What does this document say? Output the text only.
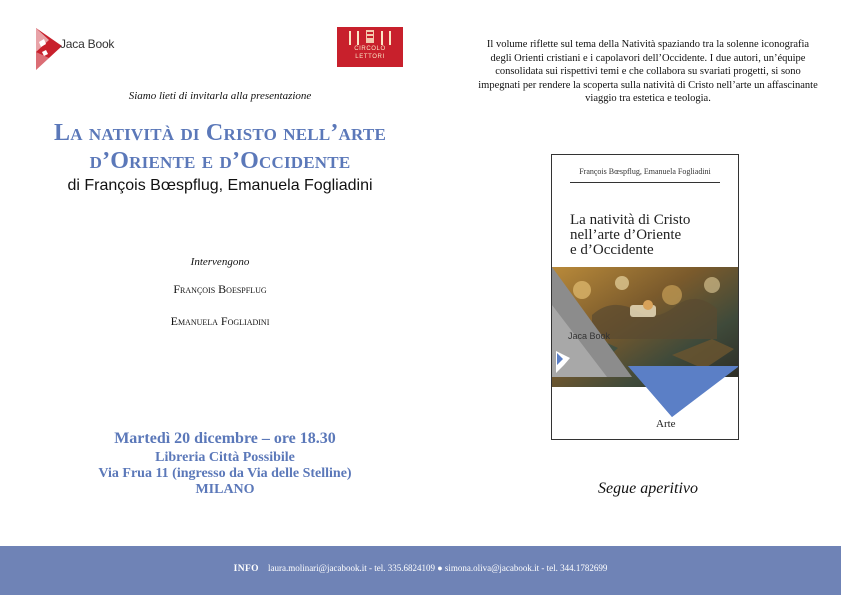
Jaca Book	CIRCOLO
LETTORI
Siamo lieti di invitarla alla presentazione
La natività di Cristo nell’arte
d’Oriente e d’Occidente
di François Bœspflug, Emanuela Fogliadini
Intervengono
François Boespflug
Emanuela Fogliadini
Martedì 20 dicembre – ore 18.30
Libreria Città Possibile
Via Frua 11 (ingresso da Via delle Stelline)
MILANO
Il volume riflette sul tema della Natività spaziando tra la solenne iconografia degli Orienti cristiani e i capolavori dell’Occidente. I due autori, un’équipe consolidata sui rispettivi temi e che collabora su svariati progetti, si sono impegnati per rendere la scoperta sulla natività di Cristo nell’arte un affascinante viaggio tra estetica e teologia.
François Bœspflug, Emanuela Fogliadini
La natività di Cristo
nell’arte d’Oriente
e d’Occidente
Jaca Book
Arte
Segue aperitivo
INFO laura.molinari@jacabook.it - tel. 335.6824109 ● simona.oliva@jacabook.it - tel. 344.1782699
